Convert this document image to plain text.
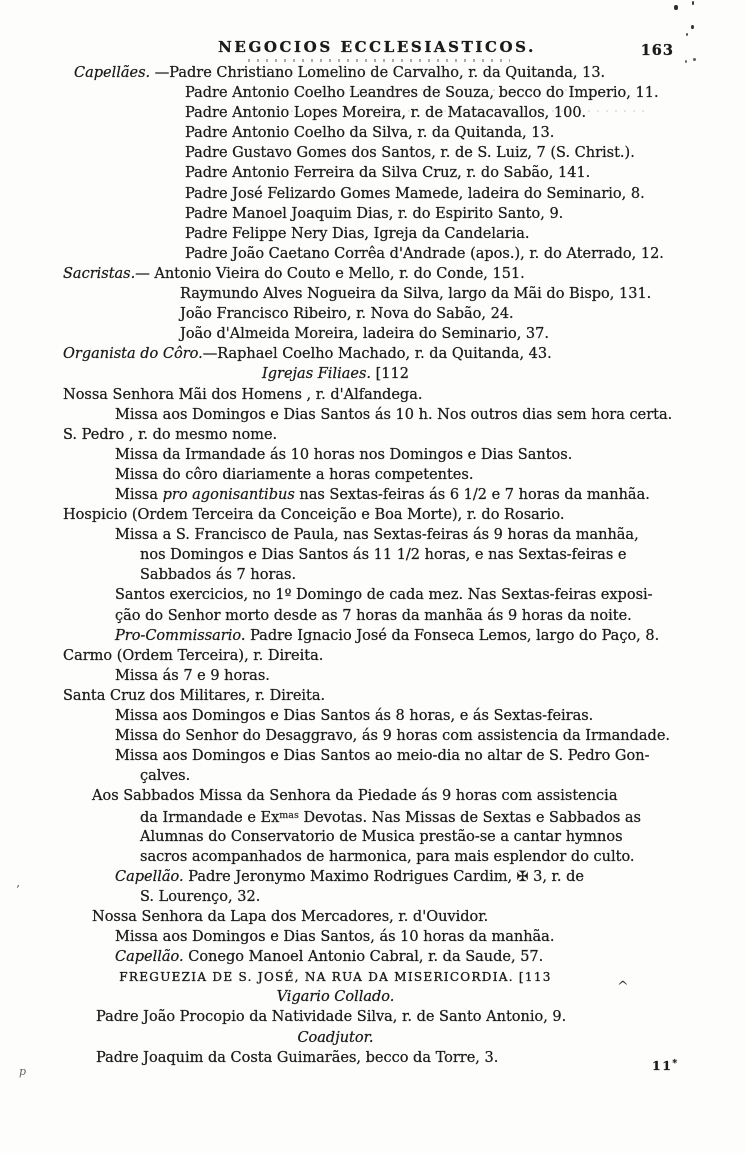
NEGOCIOS ECCLESIASTICOS.	163
Capellães. —Padre Christiano Lomelino de Carvalho, r. da Quitanda, 13.
Padre Antonio Coelho Leandres de Souza, becco do Imperio, 11.
Padre Antonio Lopes Moreira, r. de Matacavallos, 100.
Padre Antonio Coelho da Silva, r. da Quitanda, 13.
Padre Gustavo Gomes dos Santos, r. de S. Luiz, 7 (S. Christ.).
Padre Antonio Ferreira da Silva Cruz, r. do Sabão, 141.
Padre José Felizardo Gomes Mamede, ladeira do Seminario, 8.
Padre Manoel Joaquim Dias, r. do Espirito Santo, 9.
Padre Felippe Nery Dias, Igreja da Candelaria.
Padre João Caetano Corrêa d'Andrade (apos.), r. do Aterrado, 12.
Sacristas.— Antonio Vieira do Couto e Mello, r. do Conde, 151.
Raymundo Alves Nogueira da Silva, largo da Mãi do Bispo, 131.
João Francisco Ribeiro, r. Nova do Sabão, 24.
João d'Almeida Moreira, ladeira do Seminario, 37.
Organista do Côro.—Raphael Coelho Machado, r. da Quitanda, 43.
Igrejas Filiaes. [112
Nossa Senhora Mãi dos Homens , r. d'Alfandega.
Missa aos Domingos e Dias Santos ás 10 h. Nos outros dias sem hora certa.
S. Pedro , r. do mesmo nome.
Missa da Irmandade ás 10 horas nos Domingos e Dias Santos.
Missa do côro diariamente a horas competentes.
Missa pro agonisantibus nas Sextas-feiras ás 6 1/2 e 7 horas da manhãa.
Hospicio (Ordem Terceira da Conceição e Boa Morte), r. do Rosario.
Missa a S. Francisco de Paula, nas Sextas-feiras ás 9 horas da manhãa,
nos Domingos e Dias Santos ás 11 1/2 horas, e nas Sextas-feiras e
Sabbados ás 7 horas.
Santos exercicios, no 1º Domingo de cada mez. Nas Sextas-feiras exposi-
ção do Senhor morto desde as 7 horas da manhãa ás 9 horas da noite.
Pro-Commissario. Padre Ignacio José da Fonseca Lemos, largo do Paço, 8.
Carmo (Ordem Terceira), r. Direita.
Missa ás 7 e 9 horas.
Santa Cruz dos Militares, r. Direita.
Missa aos Domingos e Dias Santos ás 8 horas, e ás Sextas-feiras.
Missa do Senhor do Desaggravo, ás 9 horas com assistencia da Irmandade.
Missa aos Domingos e Dias Santos ao meio-dia no altar de S. Pedro Gon-
çalves.
Aos Sabbados Missa da Senhora da Piedade ás 9 horas com assistencia
da Irmandade e $Ex^{mas}$ Devotas. Nas Missas de Sextas e Sabbados as
Alumnas do Conservatorio de Musica prestão-se a cantar hymnos
sacros acompanhados de harmonica, para mais esplendor do culto.
Capellão. Padre Jeronymo Maximo Rodrigues Cardim, ✠ 3, r. de
S. Lourenço, 32.
Nossa Senhora da Lapa dos Mercadores, r. d'Ouvidor.
Missa aos Domingos e Dias Santos, ás 10 horas da manhãa.
Capellão. Conego Manoel Antonio Cabral, r. da Saude, 57.
FREGUEZIA DE S. JOSÉ, NA RUA DA MISERICORDIA. [113
Vigario Collado.
Padre João Procopio da Natividade Silva, r. de Santo Antonio, 9.
Coadjutor.
Padre Joaquim da Costa Guimarães, becco da Torre, 3.	11*
’
p
^
